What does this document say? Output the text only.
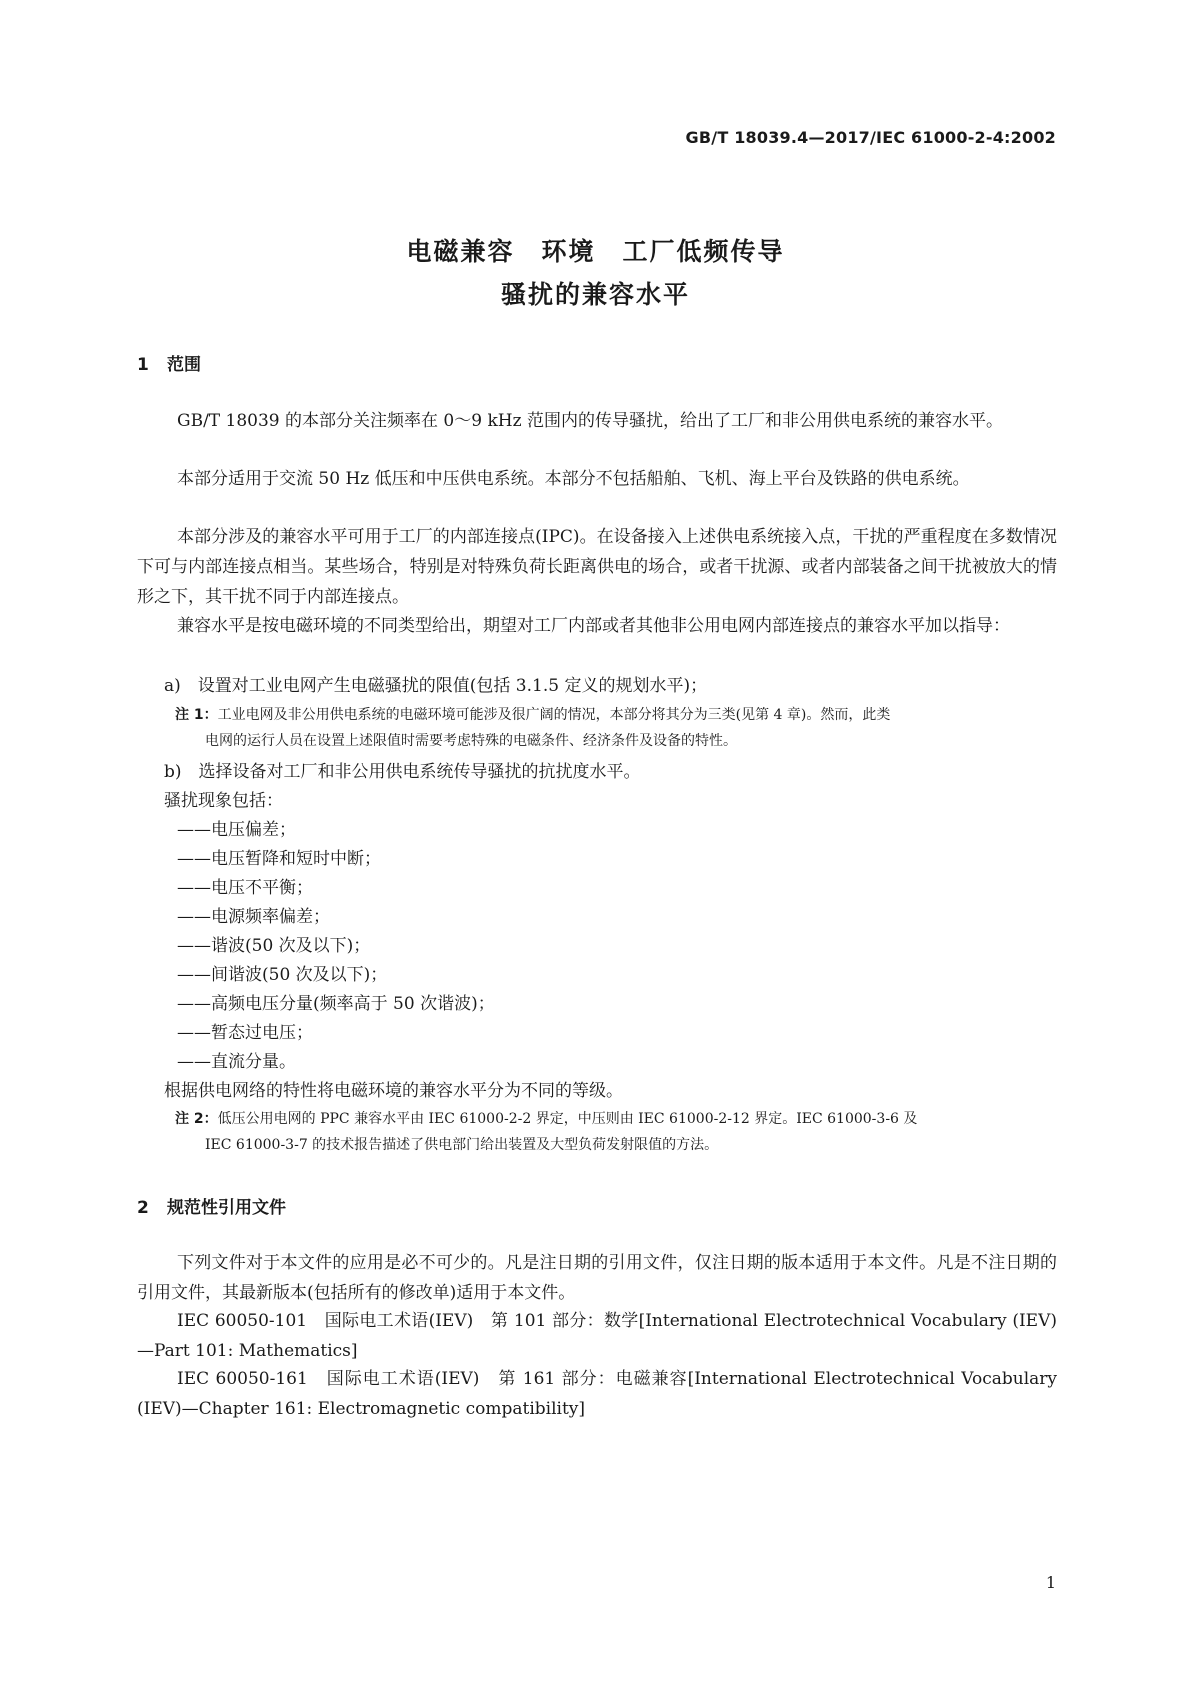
GB/T 18039.4—2017/IEC 61000-2-4:2002
电磁兼容　环境　工厂低频传导
骚扰的兼容水平
1 范围
GB/T 18039 的本部分关注频率在 0～9 kHz 范围内的传导骚扰，给出了工厂和非公用供电系统的兼容水平。
本部分适用于交流 50 Hz 低压和中压供电系统。本部分不包括船舶、飞机、海上平台及铁路的供电系统。
本部分涉及的兼容水平可用于工厂的内部连接点(IPC)。在设备接入上述供电系统接入点，干扰的严重程度在多数情况下可与内部连接点相当。某些场合，特别是对特殊负荷长距离供电的场合，或者干扰源、或者内部装备之间干扰被放大的情形之下，其干扰不同于内部连接点。
兼容水平是按电磁环境的不同类型给出，期望对工厂内部或者其他非公用电网内部连接点的兼容水平加以指导：
a)　设置对工业电网产生电磁骚扰的限值(包括 3.1.5 定义的规划水平)；
注 1：工业电网及非公用供电系统的电磁环境可能涉及很广阔的情况，本部分将其分为三类(见第 4 章)。然而，此类
电网的运行人员在设置上述限值时需要考虑特殊的电磁条件、经济条件及设备的特性。
b)　选择设备对工厂和非公用供电系统传导骚扰的抗扰度水平。
骚扰现象包括：
——电压偏差；
——电压暂降和短时中断；
——电压不平衡；
——电源频率偏差；
——谐波(50 次及以下)；
——间谐波(50 次及以下)；
——高频电压分量(频率高于 50 次谐波)；
——暂态过电压；
——直流分量。
根据供电网络的特性将电磁环境的兼容水平分为不同的等级。
注 2：低压公用电网的 PPC 兼容水平由 IEC 61000-2-2 界定，中压则由 IEC 61000-2-12 界定。IEC 61000-3-6 及
IEC 61000-3-7 的技术报告描述了供电部门给出装置及大型负荷发射限值的方法。
2 规范性引用文件
下列文件对于本文件的应用是必不可少的。凡是注日期的引用文件，仅注日期的版本适用于本文件。凡是不注日期的引用文件，其最新版本(包括所有的修改单)适用于本文件。
IEC 60050-101　国际电工术语(IEV)　第 101 部分：数学[International Electrotechnical Vocabulary (IEV)—Part 101: Mathematics]
IEC 60050-161　国际电工术语(IEV)　第 161 部分：电磁兼容[International Electrotechnical Vocabulary (IEV)—Chapter 161: Electromagnetic compatibility]
1
